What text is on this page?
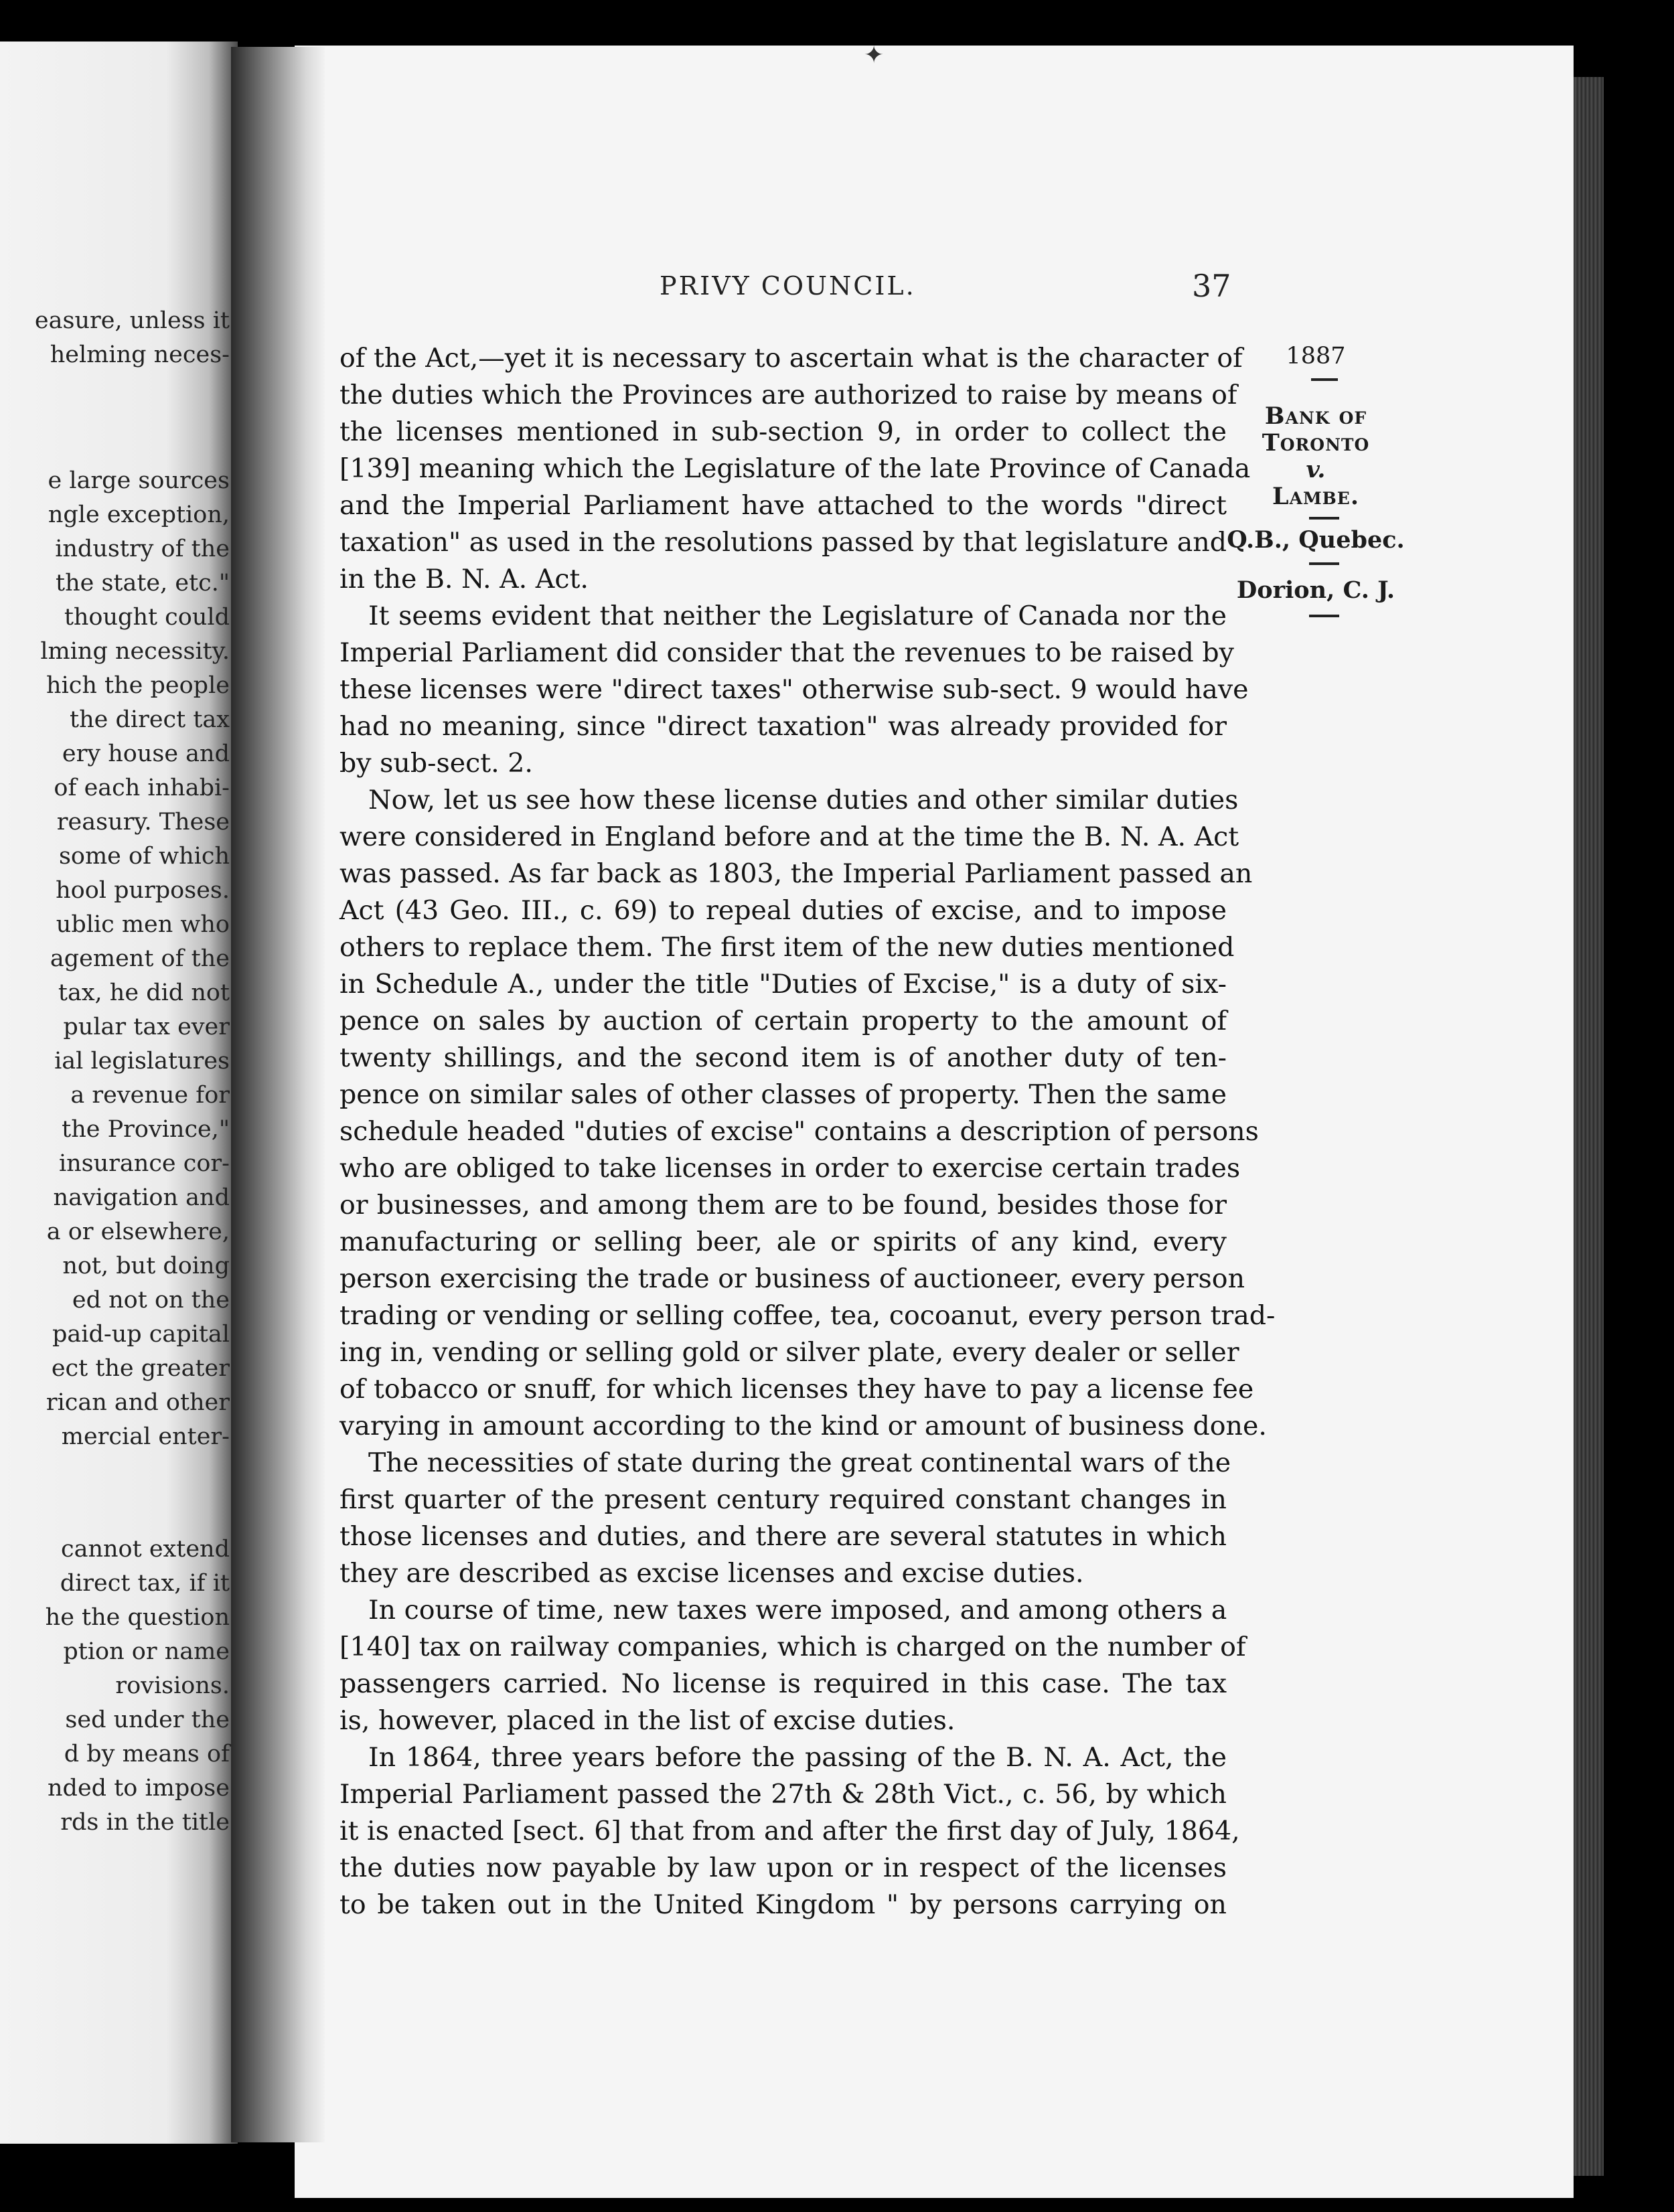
easure, unless it
helming neces-
e large sources
ngle exception,
industry of the
the state, etc."
thought could
lming necessity.
hich the people
the direct tax
ery house and
of each inhabi-
reasury. These
some of which
hool purposes.
ublic men who
agement of the
tax, he did not
pular tax ever
ial legislatures
a revenue for
the Province,"
insurance cor-
navigation and
a or elsewhere,
not, but doing
ed not on the
paid-up capital
ect the greater
rican and other
mercial enter-
cannot extend
direct tax, if it
he the question
ption or name
rovisions.
sed under the
d by means of
nded to impose
rds in the title
✦
PRIVY COUNCIL.	37
1887
Bank of
Toronto
v.
Lambe.
Q.B., Quebec.
Dorion, C. J.
of the Act,—yet it is necessary to ascertain what is the character of
the duties which the Provinces are authorized to raise by means of
the licenses mentioned in sub-section 9, in order to collect the
[139] meaning which the Legislature of the late Province of Canada
and the Imperial Parliament have attached to the words "direct
taxation" as used in the resolutions passed by that legislature and
in the B. N. A. Act.
It seems evident that neither the Legislature of Canada nor the
Imperial Parliament did consider that the revenues to be raised by
these licenses were "direct taxes" otherwise sub-sect. 9 would have
had no meaning, since "direct taxation" was already provided for
by sub-sect. 2.
Now, let us see how these license duties and other similar duties
were considered in England before and at the time the B. N. A. Act
was passed. As far back as 1803, the Imperial Parliament passed an
Act (43 Geo. III., c. 69) to repeal duties of excise, and to impose
others to replace them. The first item of the new duties mentioned
in Schedule A., under the title "Duties of Excise," is a duty of six-
pence on sales by auction of certain property to the amount of
twenty shillings, and the second item is of another duty of ten-
pence on similar sales of other classes of property. Then the same
schedule headed "duties of excise" contains a description of persons
who are obliged to take licenses in order to exercise certain trades
or businesses, and among them are to be found, besides those for
manufacturing or selling beer, ale or spirits of any kind, every
person exercising the trade or business of auctioneer, every person
trading or vending or selling coffee, tea, cocoanut, every person trad-
ing in, vending or selling gold or silver plate, every dealer or seller
of tobacco or snuff, for which licenses they have to pay a license fee
varying in amount according to the kind or amount of business done.
The necessities of state during the great continental wars of the
first quarter of the present century required constant changes in
those licenses and duties, and there are several statutes in which
they are described as excise licenses and excise duties.
In course of time, new taxes were imposed, and among others a
[140] tax on railway companies, which is charged on the number of
passengers carried. No license is required in this case. The tax
is, however, placed in the list of excise duties.
In 1864, three years before the passing of the B. N. A. Act, the
Imperial Parliament passed the 27th & 28th Vict., c. 56, by which
it is enacted [sect. 6] that from and after the first day of July, 1864,
the duties now payable by law upon or in respect of the licenses
to be taken out in the United Kingdom " by persons carrying on
